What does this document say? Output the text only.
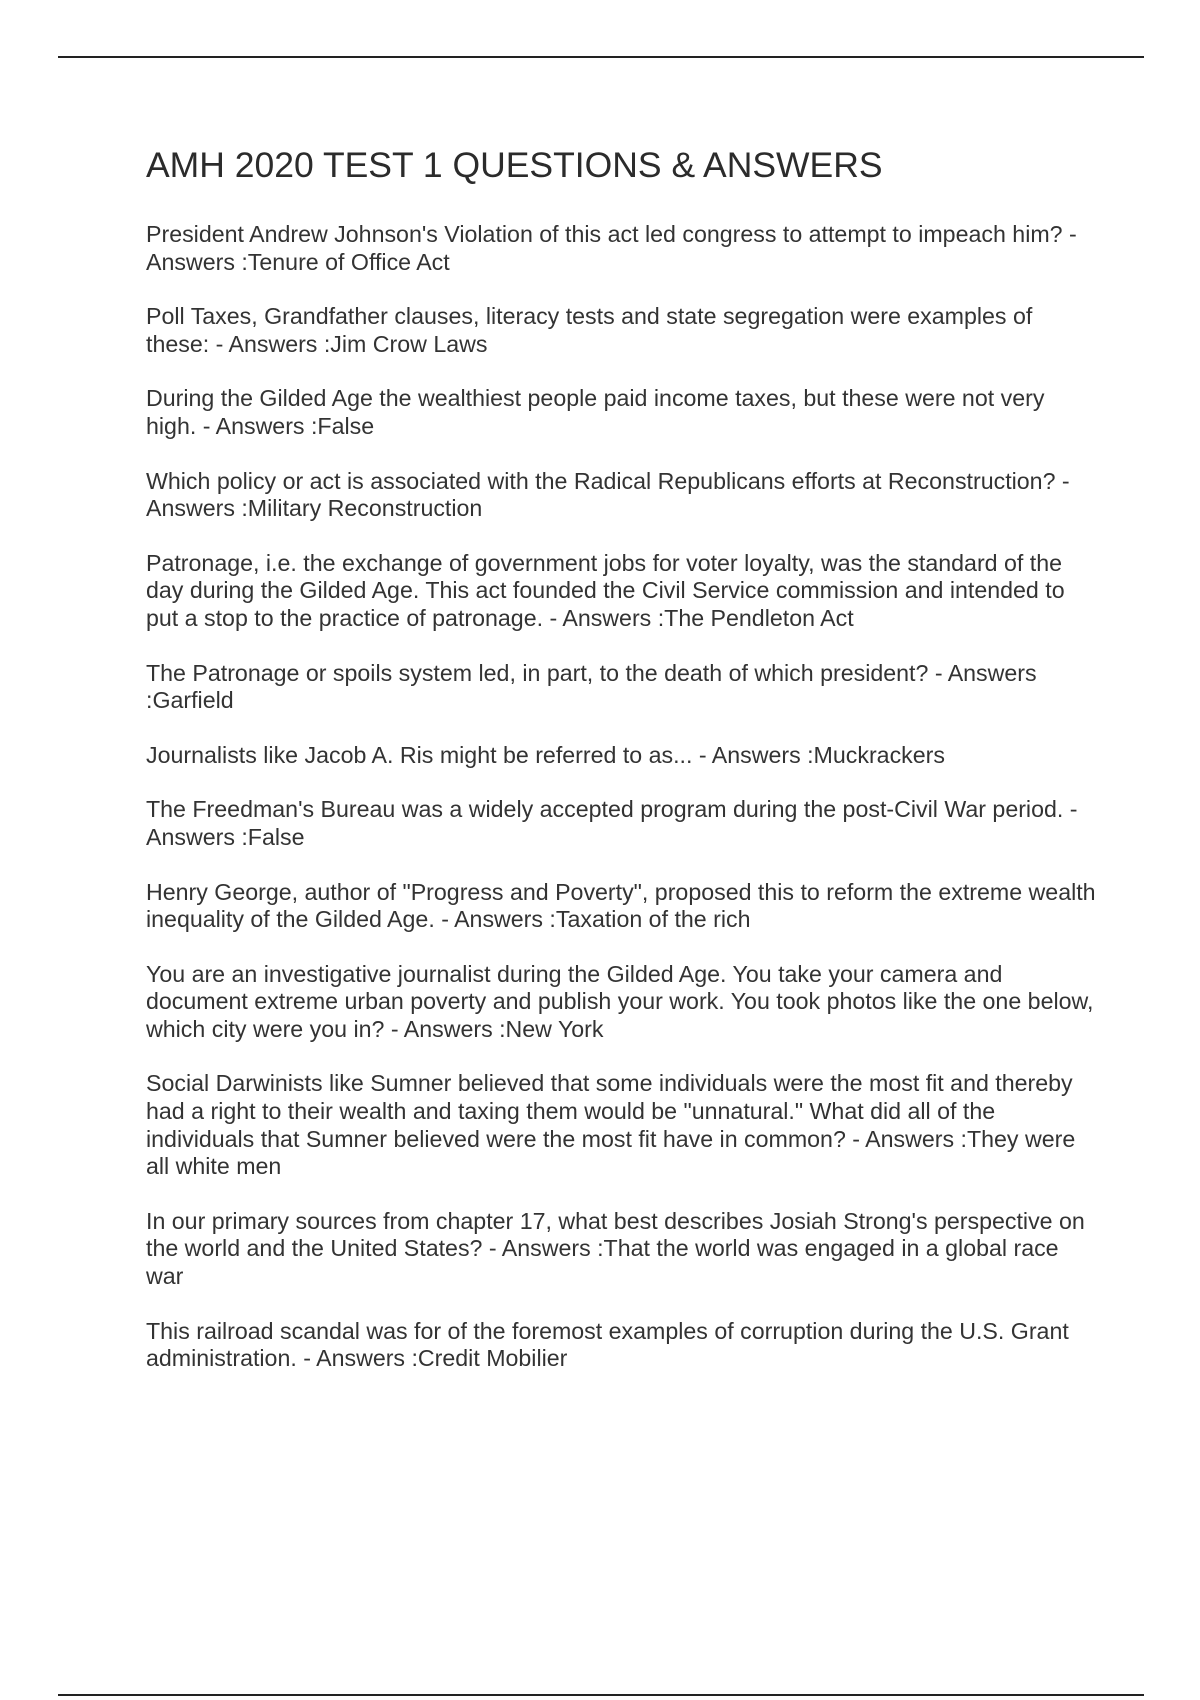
AMH 2020 TEST 1 QUESTIONS & ANSWERS
President Andrew Johnson's Violation of this act led congress to attempt to impeach him? - Answers :Tenure of Office Act
Poll Taxes, Grandfather clauses, literacy tests and state segregation were examples of these: - Answers :Jim Crow Laws
During the Gilded Age the wealthiest people paid income taxes, but these were not very high. - Answers :False
Which policy or act is associated with the Radical Republicans efforts at Reconstruction? - Answers :Military Reconstruction
Patronage, i.e. the exchange of government jobs for voter loyalty, was the standard of the day during the Gilded Age. This act founded the Civil Service commission and intended to put a stop to the practice of patronage. - Answers :The Pendleton Act
The Patronage or spoils system led, in part, to the death of which president? - Answers :Garfield
Journalists like Jacob A. Ris might be referred to as... - Answers :Muckrackers
The Freedman's Bureau was a widely accepted program during the post-Civil War period. - Answers :False
Henry George, author of "Progress and Poverty", proposed this to reform the extreme wealth inequality of the Gilded Age. - Answers :Taxation of the rich
You are an investigative journalist during the Gilded Age. You take your camera and document extreme urban poverty and publish your work. You took photos like the one below, which city were you in? - Answers :New York
Social Darwinists like Sumner believed that some individuals were the most fit and thereby had a right to their wealth and taxing them would be "unnatural." What did all of the individuals that Sumner believed were the most fit have in common? - Answers :They were all white men
In our primary sources from chapter 17, what best describes Josiah Strong's perspective on the world and the United States? - Answers :That the world was engaged in a global race war
This railroad scandal was for of the foremost examples of corruption during the U.S. Grant administration. - Answers :Credit Mobilier
